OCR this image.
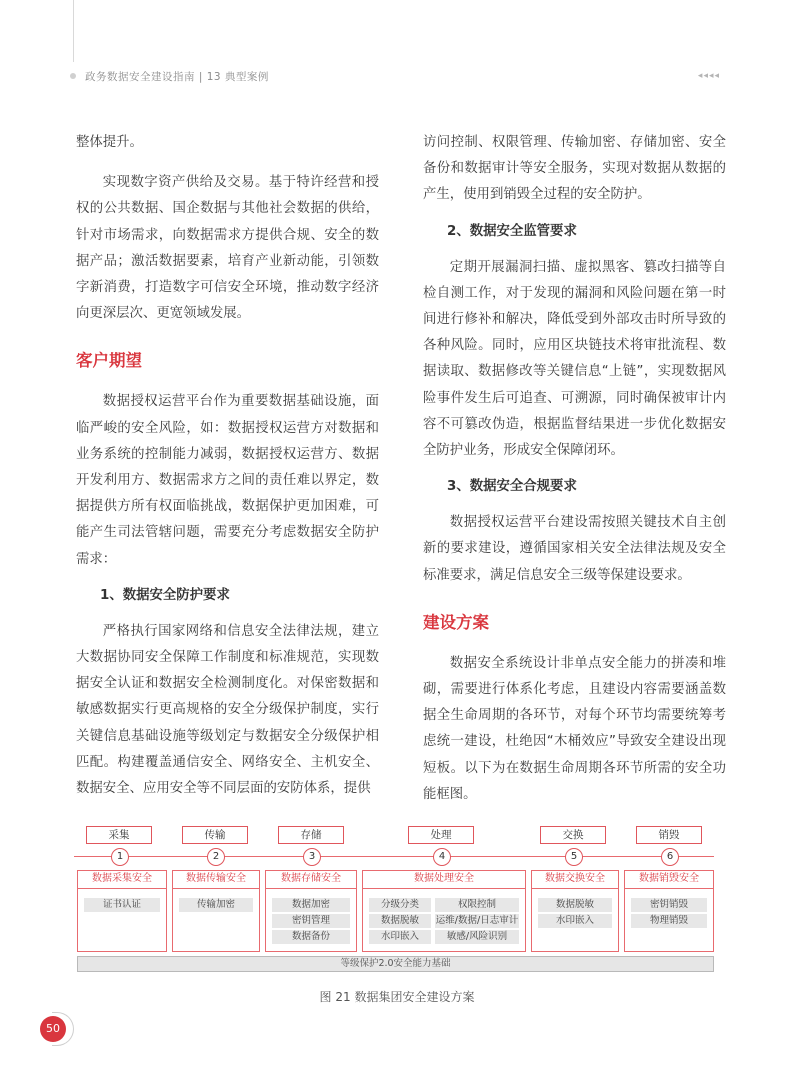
政务数据安全建设指南 | 13 典型案例	◂◂◂◂

整体提升。

实现数字资产供给及交易。基于特许经营和授权的公共数据、国企数据与其他社会数据的供给，针对市场需求，向数据需求方提供合规、安全的数据产品；激活数据要素，培育产业新动能，引领数字新消费，打造数字可信安全环境，推动数字经济向更深层次、更宽领域发展。

客户期望

数据授权运营平台作为重要数据基础设施，面临严峻的安全风险，如：数据授权运营方对数据和业务系统的控制能力减弱，数据授权运营方、数据开发利用方、数据需求方之间的责任难以界定，数据提供方所有权面临挑战，数据保护更加困难，可能产生司法管辖问题，需要充分考虑数据安全防护需求：

1、数据安全防护要求

严格执行国家网络和信息安全法律法规，建立大数据协同安全保障工作制度和标准规范，实现数据安全认证和数据安全检测制度化。对保密数据和敏感数据实行更高规格的安全分级保护制度，实行关键信息基础设施等级划定与数据安全分级保护相匹配。构建覆盖通信安全、网络安全、主机安全、数据安全、应用安全等不同层面的安防体系，提供

访问控制、权限管理、传输加密、存储加密、安全备份和数据审计等安全服务，实现对数据从数据的产生，使用到销毁全过程的安全防护。

2、数据安全监管要求

定期开展漏洞扫描、虚拟黑客、篡改扫描等自检自测工作，对于发现的漏洞和风险问题在第一时间进行修补和解决，降低受到外部攻击时所导致的各种风险。同时，应用区块链技术将审批流程、数据读取、数据修改等关键信息“上链”，实现数据风险事件发生后可追查、可溯源，同时确保被审计内容不可篡改伪造，根据监督结果进一步优化数据安全防护业务，形成安全保障闭环。

3、数据安全合规要求

数据授权运营平台建设需按照关键技术自主创新的要求建设，遵循国家相关安全法律法规及安全标准要求，满足信息安全三级等保建设要求。

建设方案

数据安全系统设计非单点安全能力的拼凑和堆砌，需要进行体系化考虑，且建设内容需要涵盖数据全生命周期的各环节，对每个环节均需要统筹考虑统一建设，杜绝因“木桶效应”导致安全建设出现短板。以下为在数据生命周期各环节所需的安全功能框图。

采集	传输	存储	处理	交换	销毁
1	2	3	4	5	6
数据采集安全
证书认证
数据传输安全
传输加密
数据存储安全
数据加密
密钥管理
数据备份
数据处理安全
分级分类	权限控制
数据脱敏	运维/数据/日志审计
水印嵌入	敏感/风险识别
数据交换安全
数据脱敏
水印嵌入
数据销毁安全
密钥销毁
物理销毁
等级保护2.0安全能力基础
图 21 数据集团安全建设方案
50
